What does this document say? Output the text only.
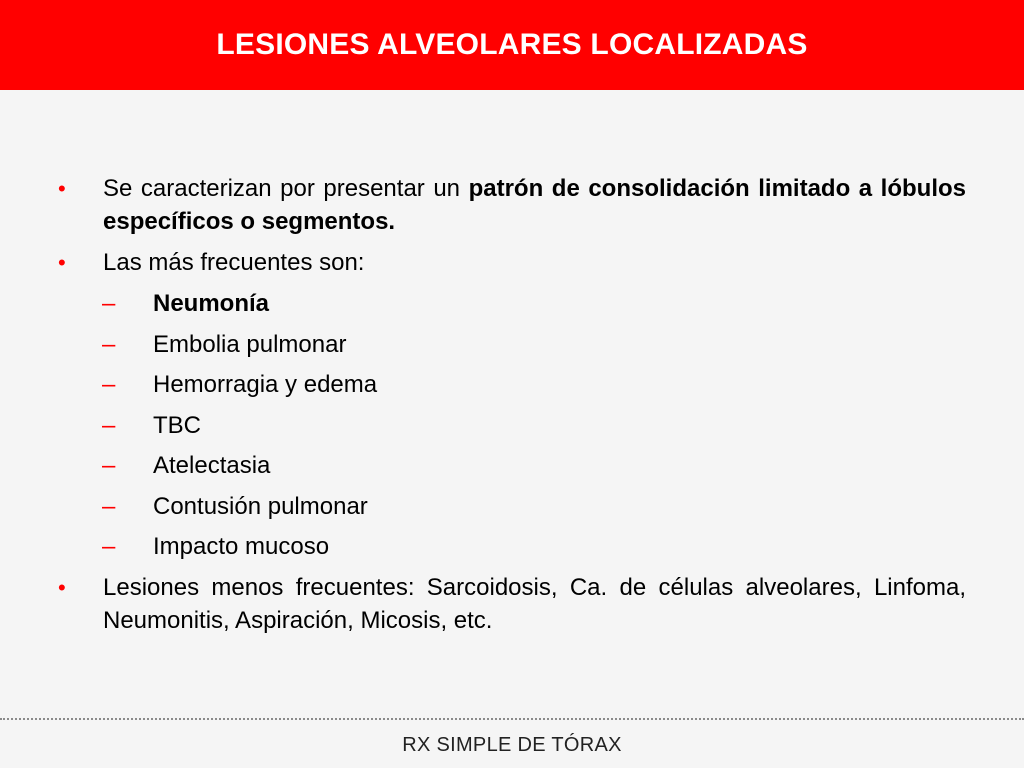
LESIONES ALVEOLARES LOCALIZADAS
•	Se caracterizan por presentar un patrón de consolidación limitado a lóbulos específicos o segmentos.
•	Las más frecuentes son:
–	Neumonía
–	Embolia pulmonar
–	Hemorragia y edema
–	TBC
–	Atelectasia
–	Contusión pulmonar
–	Impacto mucoso
•	Lesiones menos frecuentes: Sarcoidosis, Ca. de células alveolares, Linfoma, Neumonitis, Aspiración, Micosis, etc.
RX SIMPLE DE TÓRAX
